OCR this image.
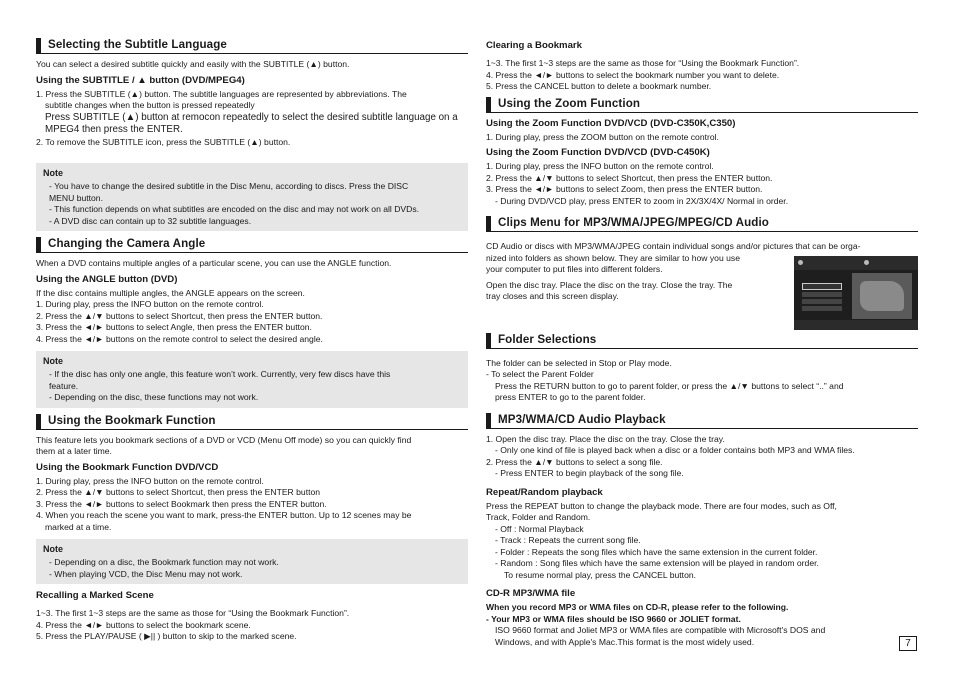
Selecting the Subtitle Language

You can select a desired subtitle quickly and easily with the SUBTITLE (▲) button.

Using the SUBTITLE / ▲ button (DVD/MPEG4)
1. Press the SUBTITLE (▲) button. The subtitle languages are represented by abbreviations. The
subtitle changes when the button is pressed repeatedly
Press SUBTITLE (▲) button at remocon repeatedly to select the desired subtitle language on a
MPEG4 then press the ENTER.
2. To remove the SUBTITLE icon, press the SUBTITLE (▲) button.
Note
- You have to change the desired subtitle in the Disc Menu, according to discs. Press the DISC
MENU button.
- This function depends on what subtitles are encoded on the disc and may not work on all DVDs.
- A DVD disc can contain up to 32 subtitle languages.
Changing the Camera Angle

When a DVD contains multiple angles of a particular scene, you can use the ANGLE function.

Using the ANGLE button (DVD)

If the disc contains multiple angles, the ANGLE appears on the screen.

1. During play, press the INFO button on the remote control.
2. Press the ▲/▼ buttons to select Shortcut, then press the ENTER button.
3. Press the ◄/► buttons to select Angle, then press the ENTER button.
4. Press the ◄/► buttons on the remote control to select the desired angle.
Note
- If the disc has only one angle, this feature won’t work. Currently, very few discs have this
feature.
- Depending on the disc, these functions may not work.
Using the Bookmark Function

This feature lets you bookmark sections of a DVD or VCD (Menu Off mode) so you can quickly find

them at a later time.

Using the Bookmark Function DVD/VCD
1. During play, press the INFO button on the remote control.
2. Press the ▲/▼ buttons to select Shortcut, then press the ENTER button
3. Press the ◄/► buttons to select Bookmark then press the ENTER button.
4. When you reach the scene you want to mark, press-the ENTER button. Up to 12 scenes may be
marked at a time.
Note
- Depending on a disc, the Bookmark function may not work.
- When playing VCD, the Disc Menu may not work.
Recalling a Marked Scene
1~3. The first 1~3 steps are the same as those for “Using the Bookmark Function”.
4. Press the ◄/► buttons to select the bookmark scene.
5. Press the PLAY/PAUSE ( ▶|| ) button to skip to the marked scene.
Clearing a Bookmark
1~3. The first 1~3 steps are the same as those for “Using the Bookmark Function”.
4. Press the ◄/► buttons to select the bookmark number you want to delete.
5. Press the CANCEL button to delete a bookmark number.
Using the Zoom Function
Using the Zoom Function DVD/VCD (DVD-C350K,C350)
1. During play, press the ZOOM button on the remote control.
Using the Zoom Function DVD/VCD (DVD-C450K)
1. During play, press the INFO button on the remote control.
2. Press the ▲/▼ buttons to select Shortcut, then press the ENTER button.
3. Press the ◄/► buttons to select Zoom, then press the ENTER button.
- During DVD/VCD play, press ENTER to zoom in 2X/3X/4X/ Normal in order.
Clips Menu for MP3/WMA/JPEG/MPEG/CD Audio

CD Audio or discs with MP3/WMA/JPEG contain individual songs and/or pictures that can be orga-

nized into folders as shown below. They are similar to how you use

your computer to put files into different folders.

Open the disc tray. Place the disc on the tray. Close the tray. The

tray closes and this screen display.

Folder Selections

The folder can be selected in Stop or Play mode.

- To select the Parent Folder

Press the RETURN button to go to parent folder, or press the ▲/▼ buttons to select “..” and

press ENTER to go to the parent folder.

MP3/WMA/CD Audio Playback
1. Open the disc tray. Place the disc on the tray. Close the tray.
- Only one kind of file is played back when a disc or a folder contains both MP3 and WMA files.
2. Press the ▲/▼ buttons to select a song file.
- Press ENTER to begin playback of the song file.
Repeat/Random playback

Press the REPEAT button to change the playback mode. There are four modes, such as Off,

Track, Folder and Random.

- Off : Normal Playback
- Track : Repeats the current song file.
- Folder : Repeats the song files which have the same extension in the current folder.
- Random : Song files which have the same extension will be played in random order.
To resume normal play, press the CANCEL button.
CD-R MP3/WMA file

When you record MP3 or WMA files on CD-R, please refer to the following.

- Your MP3 or WMA files should be ISO 9660 or JOLIET format.

ISO 9660 format and Joliet MP3 or WMA files are compatible with Microsoft's DOS and

Windows, and with Apple's Mac.This format is the most widely used.	7
